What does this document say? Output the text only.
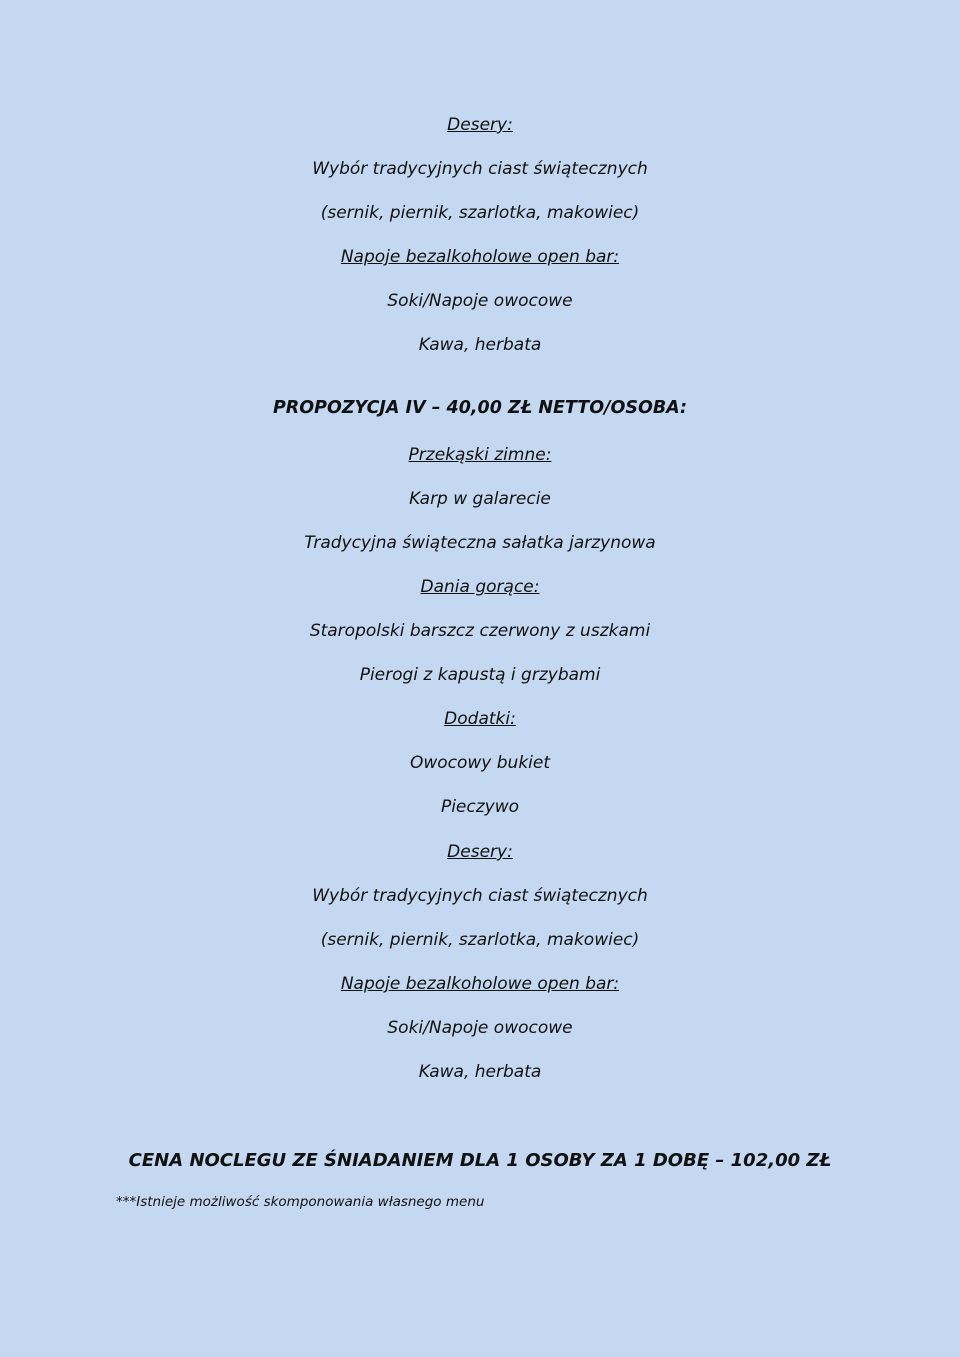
Desery:
Wybór tradycyjnych ciast świątecznych
(sernik, piernik, szarlotka, makowiec)
Napoje bezalkoholowe open bar:
Soki/Napoje owocowe
Kawa, herbata
PROPOZYCJA IV – 40,00 ZŁ NETTO/OSOBA:
Przekąski zimne:
Karp w galarecie
Tradycyjna świąteczna sałatka jarzynowa
Dania gorące:
Staropolski barszcz czerwony z uszkami
Pierogi z kapustą i grzybami
Dodatki:
Owocowy bukiet
Pieczywo
Desery:
Wybór tradycyjnych ciast świątecznych
(sernik, piernik, szarlotka, makowiec)
Napoje bezalkoholowe open bar:
Soki/Napoje owocowe
Kawa, herbata
CENA NOCLEGU ZE ŚNIADANIEM DLA 1 OSOBY ZA 1 DOBĘ – 102,00 ZŁ
***Istnieje możliwość skomponowania własnego menu
